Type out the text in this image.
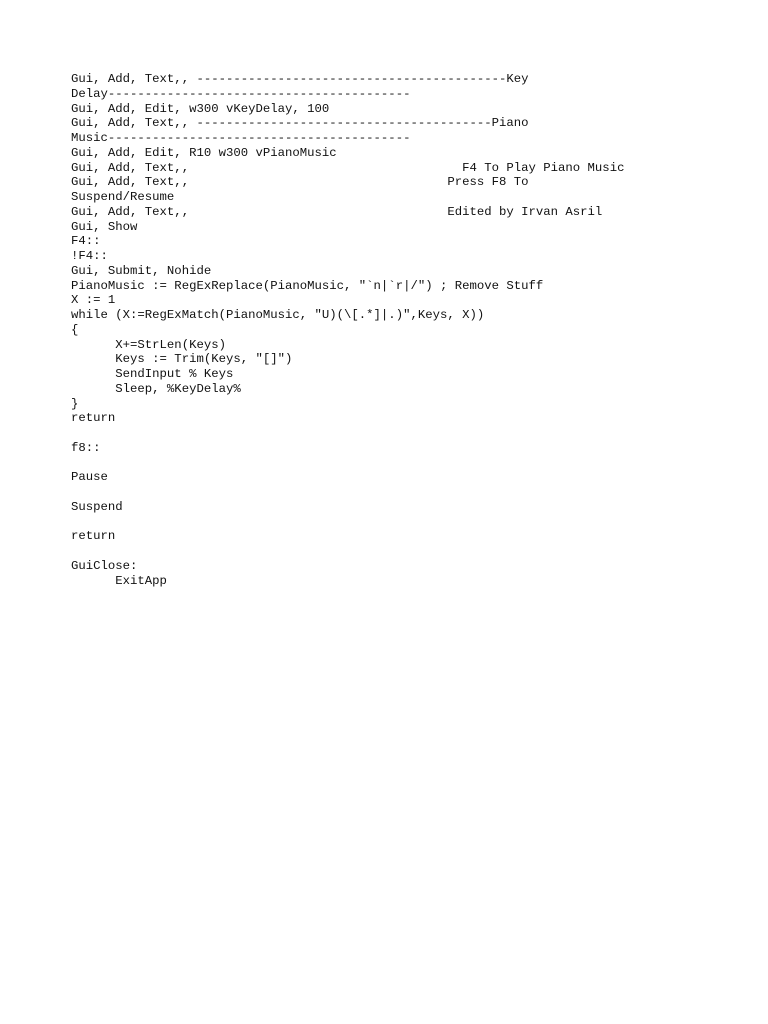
Gui, Add, Text,, ------------------------------------------Key
Delay-----------------------------------------
Gui, Add, Edit, w300 vKeyDelay, 100
Gui, Add, Text,, ----------------------------------------Piano
Music-----------------------------------------
Gui, Add, Edit, R10 w300 vPianoMusic
Gui, Add, Text,,                                     F4 To Play Piano Music
Gui, Add, Text,,                                   Press F8 To
Suspend/Resume
Gui, Add, Text,,                                   Edited by Irvan Asril
Gui, Show
F4::
!F4::
Gui, Submit, Nohide
PianoMusic := RegExReplace(PianoMusic, "`n|`r|/") ; Remove Stuff
X := 1
while (X:=RegExMatch(PianoMusic, "U)(\[.*]|.)",Keys, X))
{
X+=StrLen(Keys)
Keys := Trim(Keys, "[]")
SendInput % Keys
Sleep, %KeyDelay%
}
return
f8::
Pause
Suspend
return
GuiClose:
ExitApp
